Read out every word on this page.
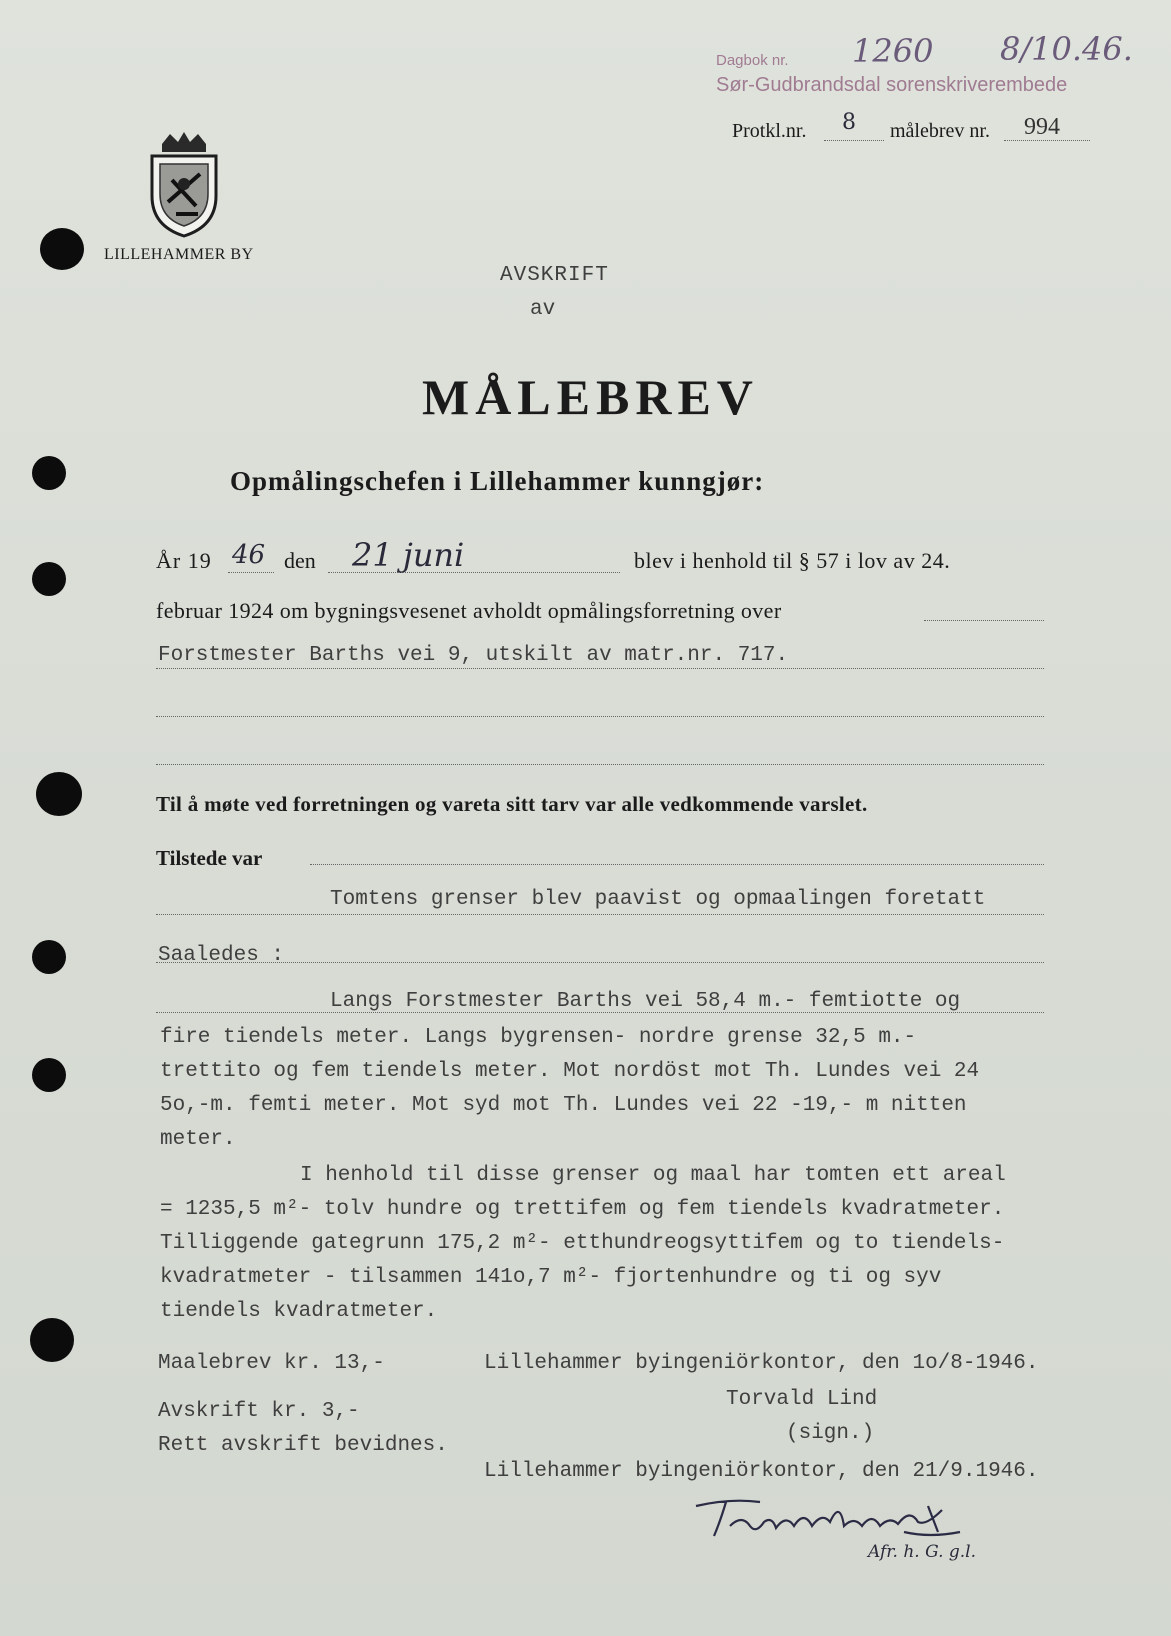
Dagbok nr. 1260 8/10.46.
Sør-Gudbrandsdal sorenskriverembede
Protkl.nr. 8 målebrev nr. 994
LILLEHAMMER BY
AVSKRIFT
av
MÅLEBREV
Opmålingschefen i Lillehammer kunngjør:
År 19 46 den 21 juni	blev i henhold til § 57 i lov av 24.
februar 1924 om bygningsvesenet avholdt opmålingsforretning over
Forstmester Barths vei 9, utskilt av matr.nr. 717.
Til å møte ved forretningen og vareta sitt tarv var alle vedkommende varslet.
Tilstede var
Tomtens grenser blev paavist og opmaalingen foretatt
Saaledes :
Langs Forstmester Barths vei 58,4 m.- femtiotte og
fire tiendels meter. Langs bygrensen- nordre grense 32,5 m.-
trettito og fem tiendels meter. Mot nordöst mot Th. Lundes vei 24
5o,-m. femti meter. Mot syd mot Th. Lundes vei 22 -19,- m nitten
meter.
I henhold til disse grenser og maal har tomten ett areal
= 1235,5 m²- tolv hundre og trettifem og fem tiendels kvadratmeter.
Tilliggende gategrunn 175,2 m²- etthundreogsyttifem og to tiendels-
kvadratmeter - tilsammen 141o,7 m²- fjortenhundre og ti og syv
tiendels kvadratmeter.
Maalebrev kr. 13,-	Lillehammer byingeniörkontor, den 1o/8-1946.
Torvald Lind
Avskrift kr. 3,-
(sign.)
Rett avskrift bevidnes.
Lillehammer byingeniörkontor, den 21/9.1946.
Afr. h. G. g.l.
